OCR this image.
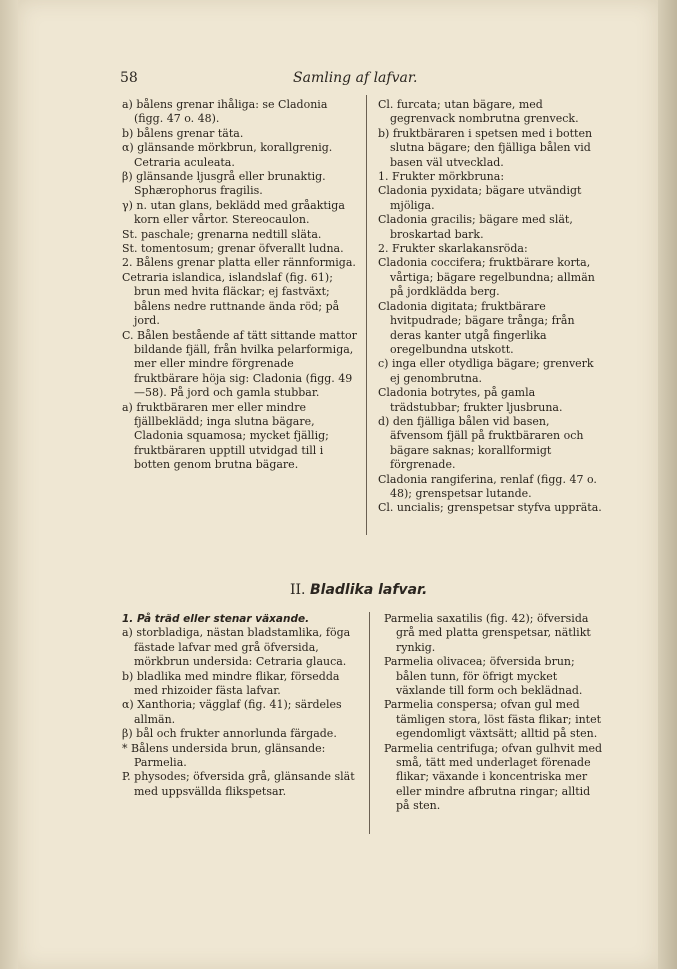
58	Samling af lafvar.

a) bålens grenar ihåliga: se Cladonia (figg. 47 o. 48).

b) bålens grenar täta.

α) glänsande mörkbrun, korallgrenig. Cetraria aculeata.

β) glänsande ljusgrå eller brunaktig. Sphærophorus fragilis.

γ) n. utan glans, beklädd med gråaktiga korn eller vårtor. Stereocaulon.

St. paschale; grenarna nedtill släta.

St. tomentosum; grenar öfverallt ludna.

2. Bålens grenar platta eller rännformiga.

Cetraria islandica, islandslaf (fig. 61); brun med hvita fläckar; ej fastväxt; bålens nedre ruttnande ända röd; på jord.

C. Bålen bestående af tätt sittande mattor bildande fjäll, från hvilka pelarformiga, mer eller mindre förgrenade fruktbärare höja sig: Cladonia (figg. 49—58). På jord och gamla stubbar.

a) fruktbäraren mer eller mindre fjällbeklädd; inga slutna bägare, Cladonia squamosa; mycket fjällig; fruktbäraren upptill utvidgad till i botten genom brutna bägare.

Cl. furcata; utan bägare, med gegrenvack nombrutna grenveck.

b) fruktbäraren i spetsen med i botten slutna bägare; den fjälliga bålen vid basen väl utvecklad.

1. Frukter mörkbruna:

Cladonia pyxidata; bägare utvändigt mjöliga.

Cladonia gracilis; bägare med slät, broskartad bark.

2. Frukter skarlakansröda:

Cladonia coccifera; fruktbärare korta, vårtiga; bägare regelbundna; allmän på jordklädda berg.

Cladonia digitata; fruktbärare hvitpudrade; bägare trånga; från deras kanter utgå fingerlika oregelbundna utskott.

c) inga eller otydliga bägare; grenverk ej genombrutna.

Cladonia botrytes, på gamla trädstubbar; frukter ljusbruna.

d) den fjälliga bålen vid basen, äfvensom fjäll på fruktbäraren och bägare saknas; korallformigt förgrenade.

Cladonia rangiferina, renlaf (figg. 47 o. 48); grenspetsar lutande.

Cl. uncialis; grenspetsar styfva uppräta.

II. Bladlika lafvar.

1. På träd eller stenar växande.

a) storbladiga, nästan bladstamlika, föga fästade lafvar med grå öfversida, mörkbrun undersida: Cetraria glauca.

b) bladlika med mindre flikar, försedda med rhizoider fästa lafvar.

α) Xanthoria; vägglaf (fig. 41); särdeles allmän.

β) bål och frukter annorlunda färgade.

* Bålens undersida brun, glänsande: Parmelia.

P. physodes; öfversida grå, glänsande slät med uppsvällda flikspetsar.

Parmelia saxatilis (fig. 42); öfversida grå med platta grenspetsar, nätlikt rynkig.

Parmelia olivacea; öfversida brun; bålen tunn, för öfrigt mycket växlande till form och beklädnad.

Parmelia conspersa; ofvan gul med tämligen stora, löst fästa flikar; intet egendomligt växtsätt; alltid på sten.

Parmelia centrifuga; ofvan gulhvit med små, tätt med underlaget förenade flikar; växande i koncentriska mer eller mindre afbrutna ringar; alltid på sten.
